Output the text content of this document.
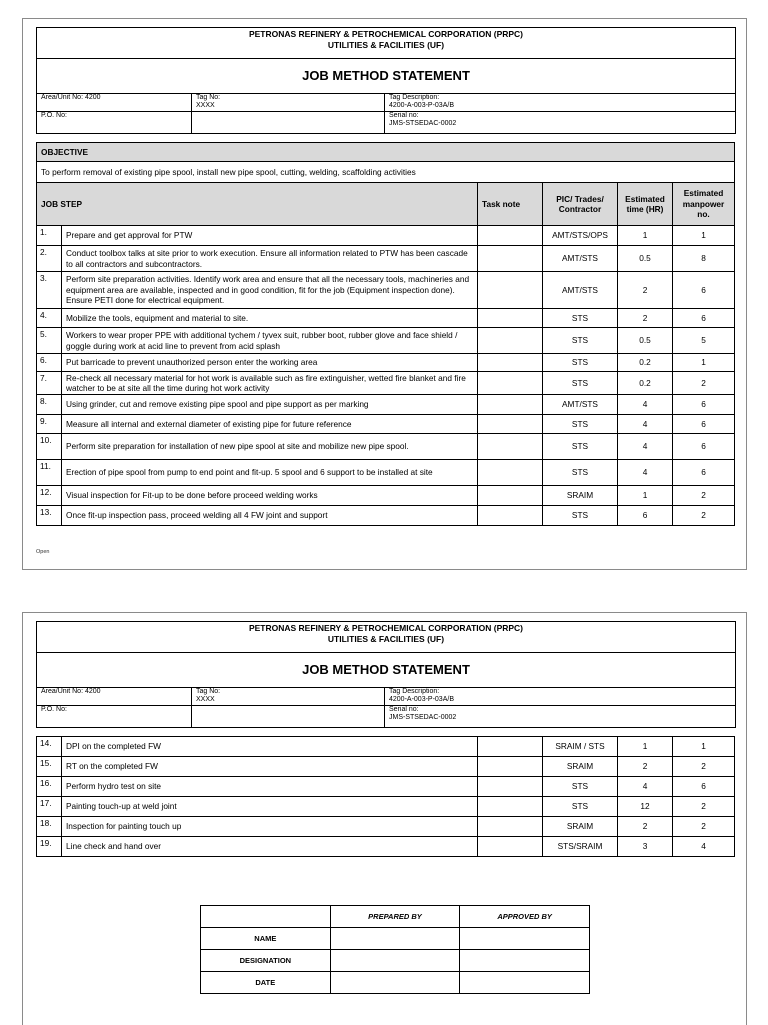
PETRONAS REFINERY & PETROCHEMICAL CORPORATION (PRPC)
UTILITIES & FACILITIES (UF)
JOB METHOD STATEMENT
Area/Unit No: 4200	Tag No:
XXXX
Tag Description:
4200-A-003-P-03A/B
P.O. No:	Serial no:
JMS-STSEDAC-0002
OBJECTIVE					
To perform removal of existing pipe spool, install new pipe spool, cutting, welding, scaffolding activities					
JOB STEP		Task note	PIC/ Trades/ Contractor	Estimated time (HR)	Estimated manpower no.
1.	Prepare and get approval for PTW		AMT/STS/OPS	1	1
2.	Conduct toolbox talks at site prior to work execution. Ensure all information related to PTW has been cascade to all contractors and subcontractors.		AMT/STS	0.5	8
3.	Perform site preparation activities. Identify work area and ensure that all the necessary tools, machineries and equipment area are available, inspected and in good condition, fit for the job (Equipment inspection done). Ensure PETI done for electrical equipment.		AMT/STS	2	6
4.	Mobilize the tools, equipment and material to site.		STS	2	6
5.	Workers to wear proper PPE with additional tychem / tyvex suit, rubber boot, rubber glove and face shield / goggle during work at acid line to prevent from acid splash		STS	0.5	5
6.	Put barricade to prevent unauthorized person enter the working area		STS	0.2	1
7.	Re-check all necessary material for hot work is available such as fire extinguisher, wetted fire blanket and fire watcher to be at site all the time during hot work activity		STS	0.2	2
8.	Using grinder, cut and remove existing pipe spool and pipe support as per marking		AMT/STS	4	6
9.	Measure all internal and external diameter of existing pipe for future reference		STS	4	6
10.	Perform site preparation for installation of new pipe spool at site and mobilize new pipe spool.		STS	4	6
11.	Erection of pipe spool from pump to end point and fit-up. 5 spool and 6 support to be installed at site		STS	4	6
12.	Visual inspection for Fit-up to be done before proceed welding works		SRAIM	1	2
13.	Once fit-up inspection pass, proceed welding all 4 FW joint and support		STS	6	2
Open
PETRONAS REFINERY & PETROCHEMICAL CORPORATION (PRPC)
UTILITIES & FACILITIES (UF)
JOB METHOD STATEMENT
Area/Unit No: 4200	Tag No:
XXXX
Tag Description:
4200-A-003-P-03A/B
P.O. No:	Serial no:
JMS-STSEDAC-0002
14.	DPI on the completed FW		SRAIM / STS	1	1
15.	RT on the completed FW		SRAIM	2	2
16.	Perform hydro test on site		STS	4	6
17.	Painting touch-up at weld joint		STS	12	2
18.	Inspection for painting touch up		SRAIM	2	2
19.	Line check and hand over		STS/SRAIM	3	4
	PREPARED BY	APPROVED BY
NAME		
DESIGNATION		
DATE		
